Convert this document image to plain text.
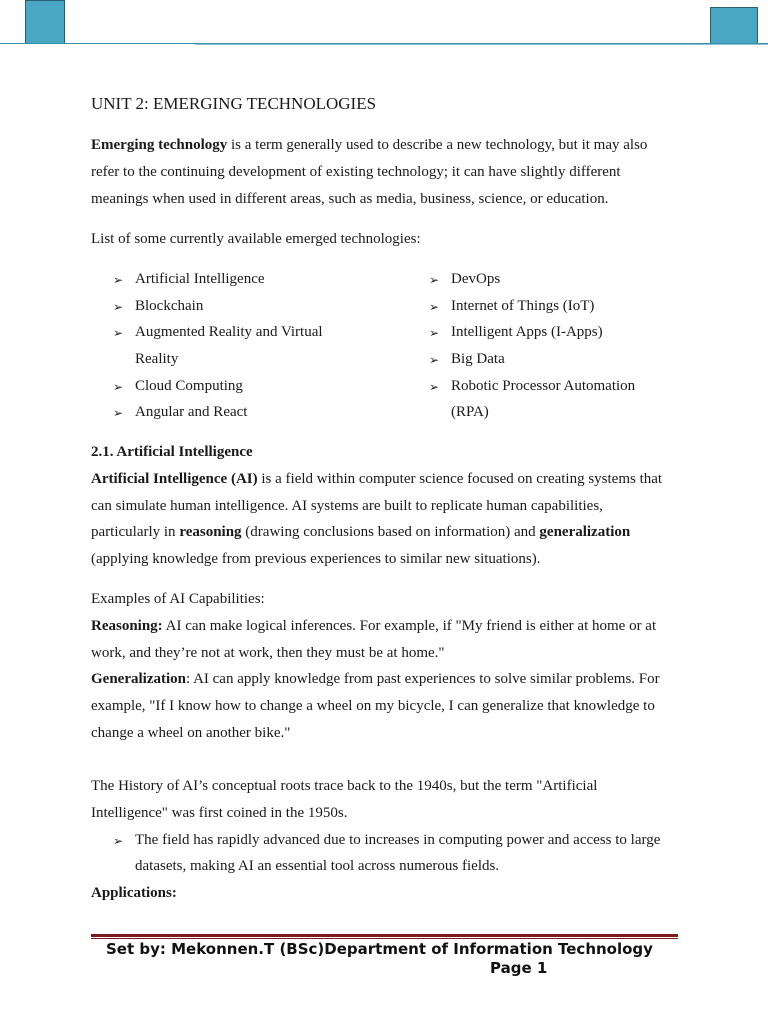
UNIT 2: EMERGING TECHNOLOGIES
Emerging technology is a term generally used to describe a new technology, but it may also
refer to the continuing development of existing technology; it can have slightly different
meanings when used in different areas, such as media, business, science, or education.
List of some currently available emerged technologies:
➢ Artificial Intelligence
➢ Blockchain
➢ Augmented Reality and Virtual
Reality
➢ Cloud Computing
➢ Angular and React
➢ DevOps
➢ Internet of Things (IoT)
➢ Intelligent Apps (I-Apps)
➢ Big Data
➢ Robotic Processor Automation
(RPA)
2.1. Artificial Intelligence
Artificial Intelligence (AI) is a field within computer science focused on creating systems that
can simulate human intelligence. AI systems are built to replicate human capabilities,
particularly in reasoning (drawing conclusions based on information) and generalization
(applying knowledge from previous experiences to similar new situations).
Examples of AI Capabilities:
Reasoning: AI can make logical inferences. For example, if "My friend is either at home or at
work, and they’re not at work, then they must be at home."
Generalization: AI can apply knowledge from past experiences to solve similar problems. For
example, "If I know how to change a wheel on my bicycle, I can generalize that knowledge to
change a wheel on another bike."
The History of AI’s conceptual roots trace back to the 1940s, but the term "Artificial
Intelligence" was first coined in the 1950s.
➢ The field has rapidly advanced due to increases in computing power and access to large
datasets, making AI an essential tool across numerous fields.
Applications:
Set by: Mekonnen.T (BSc)Department of Information Technology
Page 1
